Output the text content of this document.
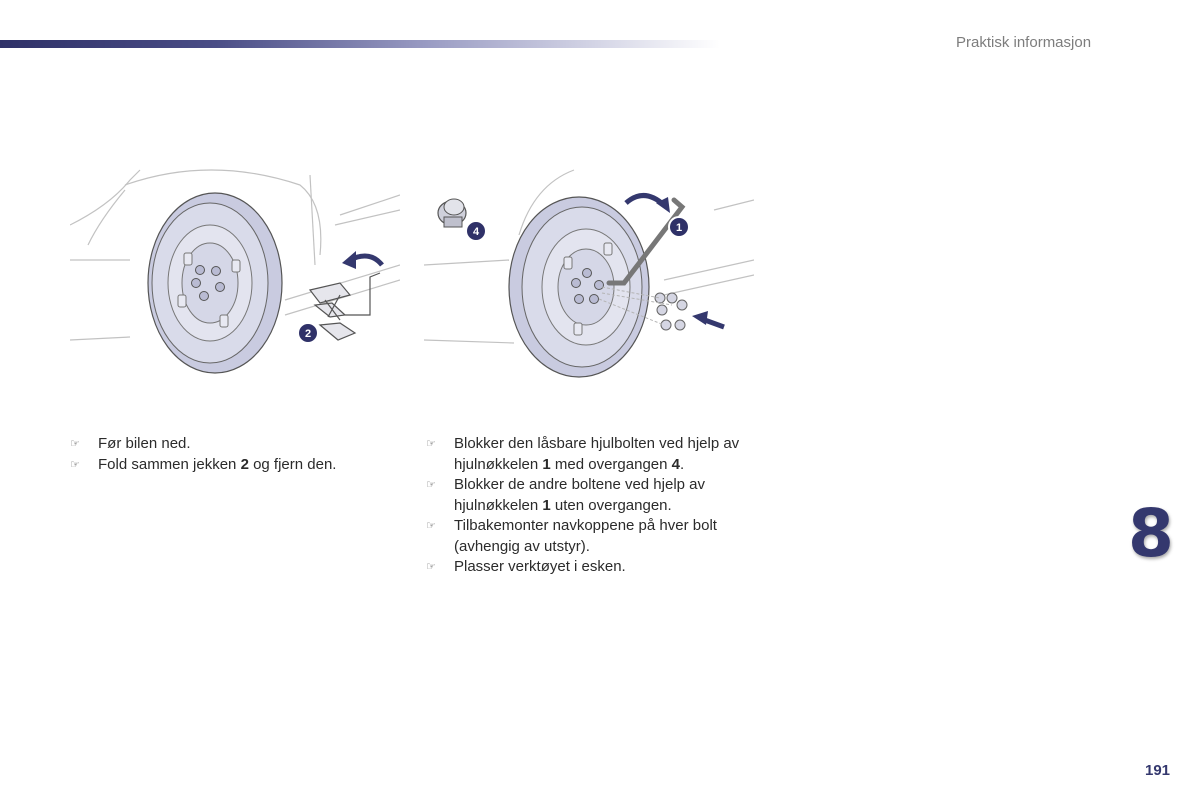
Praktisk informasjon
2
4	1
☞ Før bilen ned.
☞ Fold sammen jekken 2 og fjern den.
☞ Blokker den låsbare hjulbolten ved hjelp av hjulnøkkelen 1 med overgangen 4.
☞ Blokker de andre boltene ved hjelp av hjulnøkkelen 1 uten overgangen.
☞ Tilbakemonter navkoppene på hver bolt (avhengig av utstyr).
☞ Plasser verktøyet i esken.	8
191
